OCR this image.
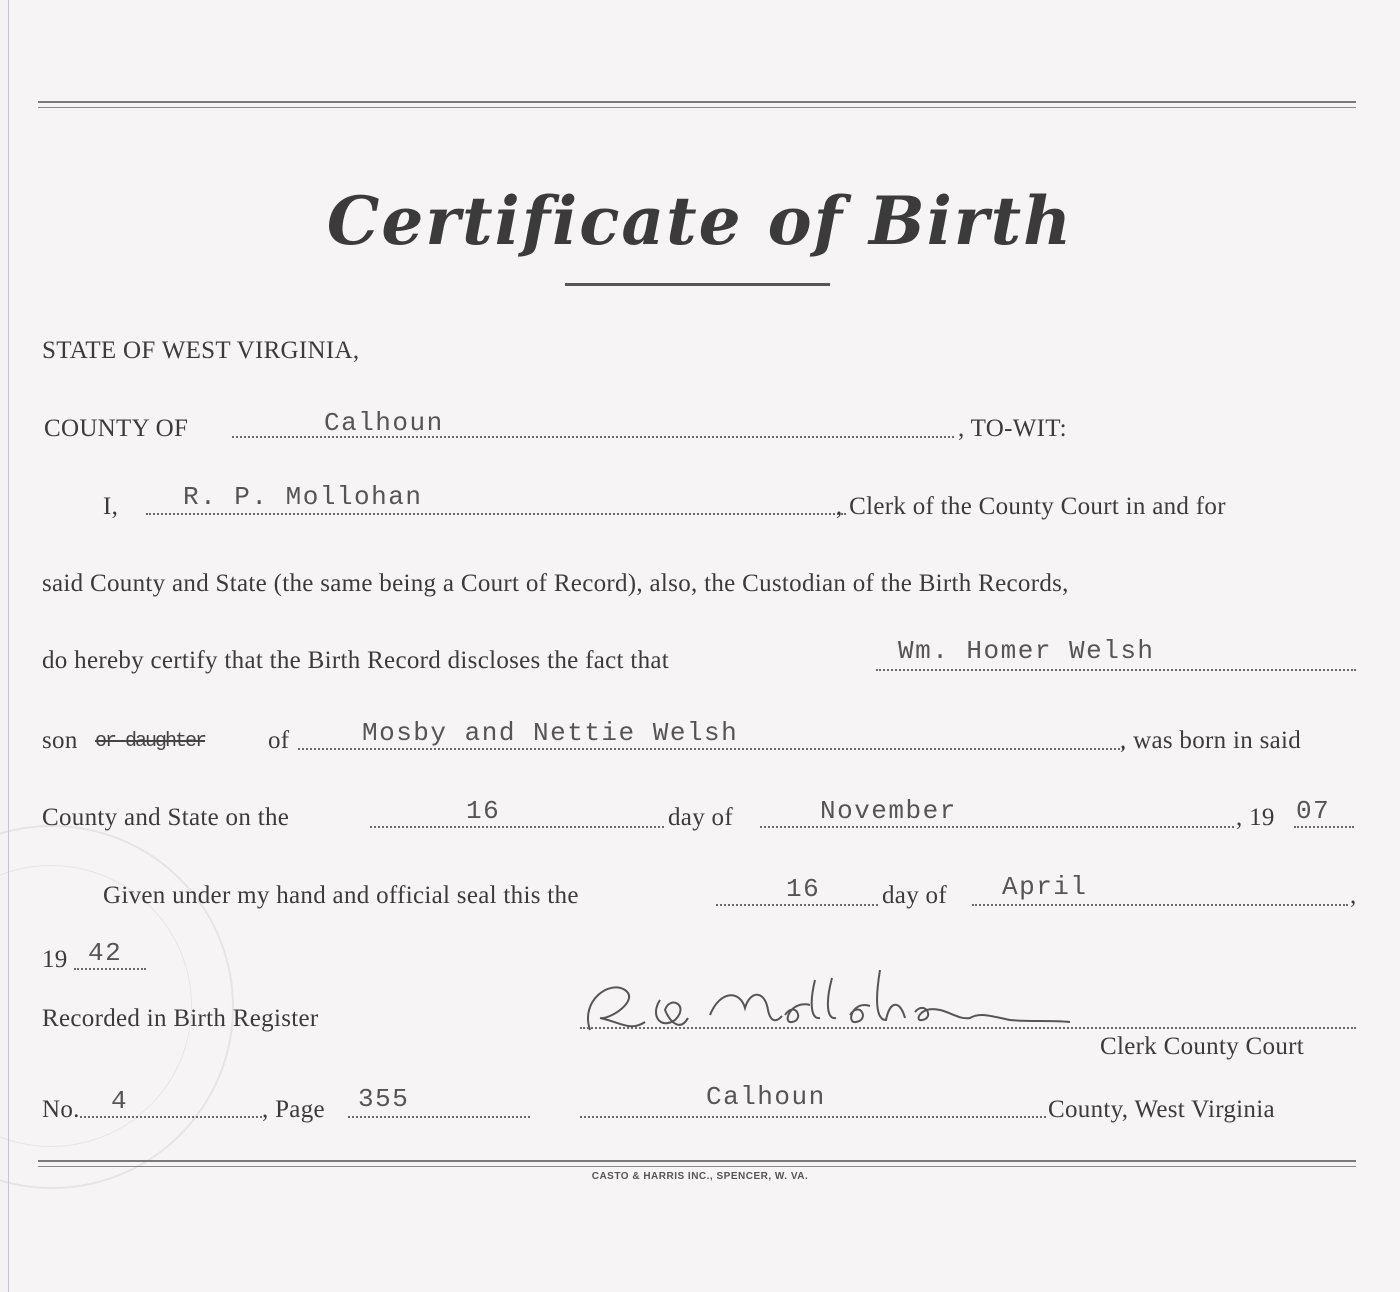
Certificate of Birth
STATE OF WEST VIRGINIA,
COUNTY OF	Calhoun	, TO-WIT:
I, R. P. Mollohan	, Clerk of the County Court in and for
said County and State (the same being a Court of Record), also, the Custodian of the Birth Records,
do hereby certify that the Birth Record discloses the fact that	Wm. Homer Welsh
son or daughter	of	Mosby and Nettie Welsh	, was born in said
County and State on the	16	day of	November	, 19 07
Given under my hand and official seal this the	16 day of April	,
19 42
Recorded in Birth Register
Clerk County Court
No. 4	, Page 355	Calhoun	County, West Virginia
CASTO & HARRIS INC., SPENCER, W. VA.
